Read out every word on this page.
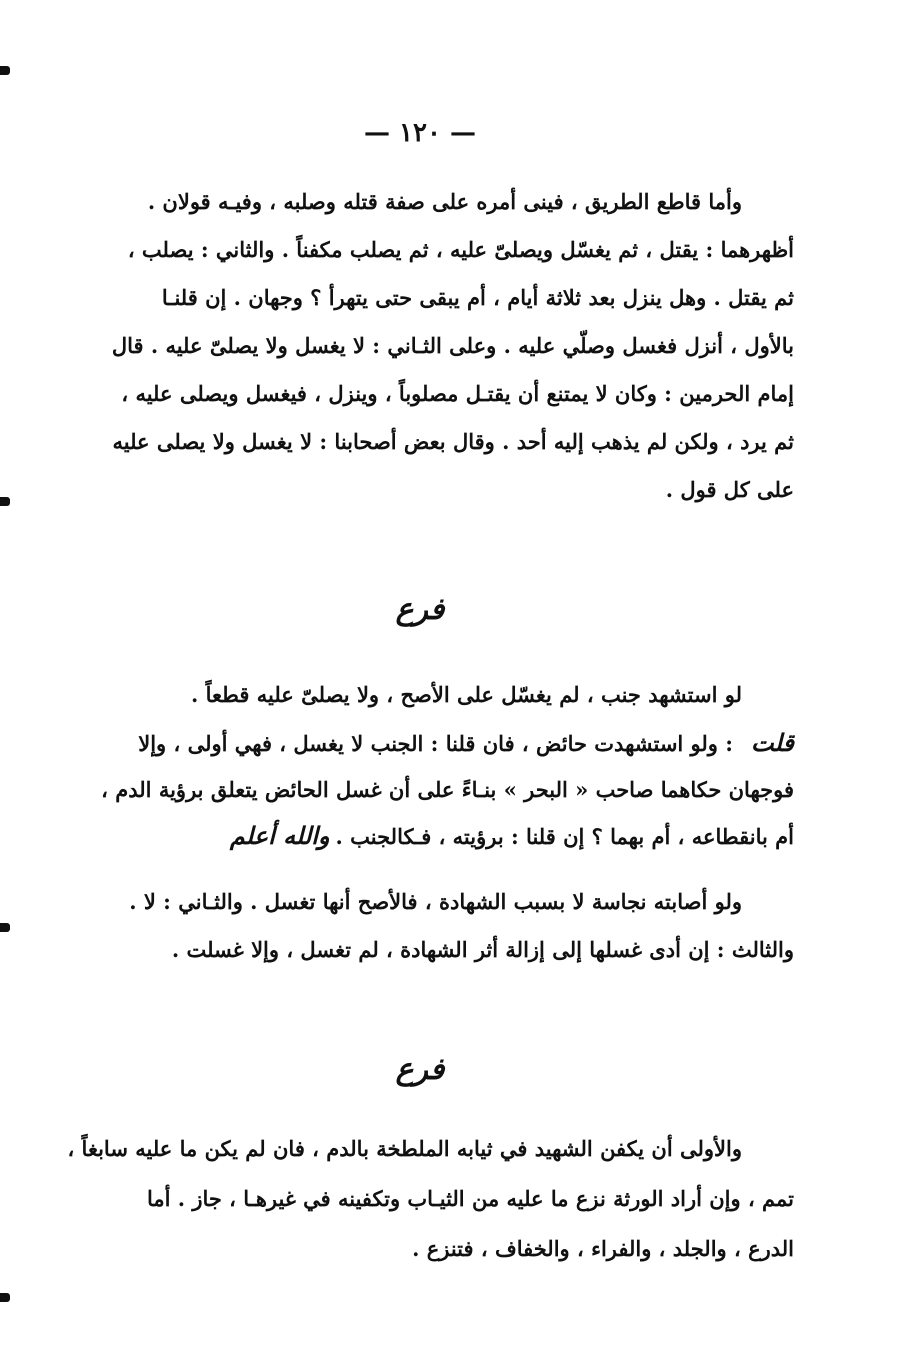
— ١٢٠ —

وأما قاطع الطريق ، فينى أمره على صفة قتله وصلبه ، وفيـه قولان .

أظهرهما : يقتل ، ثم يغسّل ويصلىّ عليه ، ثم يصلب مكفناً . والثاني : يصلب ،

ثم يقتل . وهل ينزل بعد ثلاثة أيام ، أم يبقى حتى يتهرأ ؟ وجهان . إن قلنـا

بالأول ، أنزل فغسل وصلّي عليه . وعلى الثـاني : لا يغسل ولا يصلىّ عليه . قال

إمام الحرمين : وكان لا يمتنع أن يقتـل مصلوباً ، وينزل ، فيغسل ويصلى عليه ،

ثم يرد ، ولكن لم يذهب إليه أحد . وقال بعض أصحابنا : لا يغسل ولا يصلى عليه

على كل قول .

فرع

لو استشهد جنب ، لم يغسّل على الأصح ، ولا يصلىّ عليه قطعاً .

قلت: ولو استشهدت حائض ، فان قلنا : الجنب لا يغسل ، فهي أولى ، وإلا

فوجهان حكاهما صاحب « البحر » بنـاءً على أن غسل الحائض يتعلق برؤية الدم ،

أم بانقطاعه ، أم بهما ؟ إن قلنا : برؤيته ، فـكالجنب .والله أعلم

ولو أصابته نجاسة لا بسبب الشهادة ، فالأصح أنها تغسل . والثـاني : لا .

والثالث : إن أدى غسلها إلى إزالة أثر الشهادة ، لم تغسل ، وإلا غسلت .

فرع

والأولى أن يكفن الشهيد في ثيابه الملطخة بالدم ، فان لم يكن ما عليه سابغاً ،

تمم ، وإن أراد الورثة نزع ما عليه من الثيـاب وتكفينه في غيرهـا ، جاز . أما

الدرع ، والجلد ، والفراء ، والخفاف ، فتنزع .
